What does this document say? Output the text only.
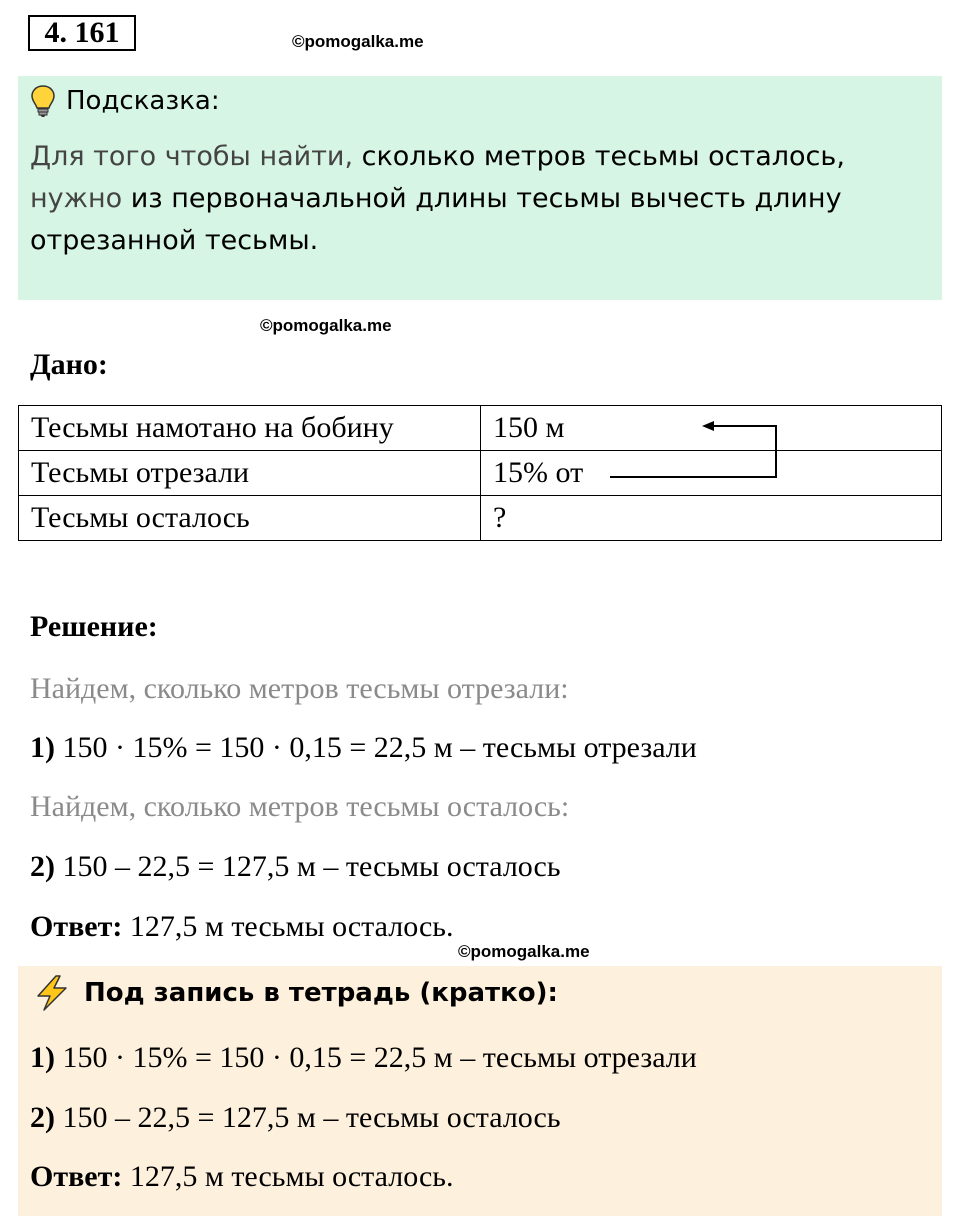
4. 161	©pomogalka.me
Подсказка:
Для того чтобы найти, сколько метров тесьмы осталось,
нужно из первоначальной длины тесьмы вычесть длину отрезанной тесьмы.
©pomogalka.me
Дано:
Тесьмы намотано на бобину	150 м
Тесьмы отрезали	15% от
Тесьмы осталось	?
Решение:
Найдем, сколько метров тесьмы отрезали:
1) 150 · 15% = 150 · 0,15 = 22,5 м – тесьмы отрезали
Найдем, сколько метров тесьмы осталось:
2) 150 – 22,5 = 127,5 м – тесьмы осталось
Ответ: 127,5 м тесьмы осталось.
©pomogalka.me
Под запись в тетрадь (кратко):
1) 150 · 15% = 150 · 0,15 = 22,5 м – тесьмы отрезали
2) 150 – 22,5 = 127,5 м – тесьмы осталось
Ответ: 127,5 м тесьмы осталось.
